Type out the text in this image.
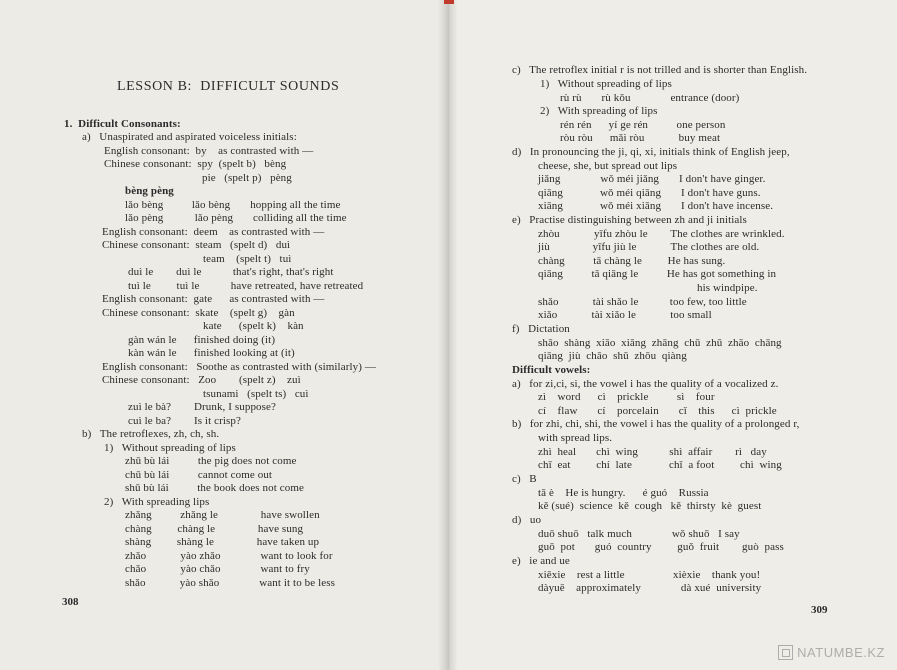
LESSON B:  DIFFICULT SOUNDS
1.  Difficult Consonants:
a)   Unaspirated and aspirated voiceless initials:
English consonant:  by    as contrasted with —
Chinese consonant:  spy  (spelt b)   bèng
pie   (spelt p)   pèng
bèng pèng
lǎo bèng          lǎo bèng       hopping all the time
lǎo pèng           lǎo pèng       colliding all the time
English consonant:  deem    as contrasted with —
Chinese consonant:  steam   (spelt d)   duì
team    (spelt t)   tuì
duì le        duì le           that's right, that's right
tuì le         tuì le           have retreated, have retreated
English consonant:  gate      as contrasted with —
Chinese consonant:  skate    (spelt g)    gàn
kate      (spelt k)    kàn
gàn wán le      finished doing (it)
kàn wán le      finished looking at (it)
English consonant:   Soothe as contrasted with (similarly) —
Chinese consonant:   Zoo        (spelt z)    zuì
tsunami   (spelt ts)   cuì
zuì le bà?        Drunk, I suppose?
cuì le ba?        Is it crisp?
b)   The retroflexes, zh, ch, sh.
1)   Without spreading of lips
zhū bù lái          the pig does not come
chū bù lái          cannot come out
shū bù lái          the book does not come
2)   With spreading lips
zhǎng          zhǎng le               have swollen
chàng         chàng le               have sung
shàng         shàng le               have taken up
zhǎo            yào zhǎo              want to look for
chǎo            yào chǎo              want to fry
shǎo            yào shǎo              want it to be less
308
c)   The retroflex initial r is not trilled and is shorter than English.
1)   Without spreading of lips
rù rù       rù kǒu              entrance (door)
2)   With spreading of lips
rén rén      yí ge rén          one person
ròu ròu      mǎi ròu            buy meat
d)   In pronouncing the ji, qi, xi, initials think of English jeep,
cheese, she, but spread out lips
jiǎng              wǒ méi jiǎng       I don't have ginger.
qiāng             wǒ méi qiāng       I don't have guns.
xiāng             wǒ méi xiāng       I don't have incense.
e)   Practise distinguishing between zh and ji initials
zhòu            yīfu zhòu le        The clothes are wrinkled.
jiù               yīfu jiù le            The clothes are old.
chàng          tā chàng le         He has sung.
qiāng          tā qiāng le          He has got something in
his windpipe.
shǎo            tài shǎo le           too few, too little
xiǎo            tài xiǎo le            too small
f)   Dictation
shāo  shàng  xiāo  xiāng  zhāng  chū  zhū  zhāo  chāng
qiāng  jiù  chāo  shū  zhōu  qiàng
Difficult vowels:
a)   for zi,ci, si, the vowel i has the quality of a vocalized z.
zì    word      cì    prickle          sì    four
cí    flaw       cí    porcelain       cǐ    this      cì  prickle
b)   for zhi, chi, shi, the vowel i has the quality of a prolonged r,
with spread lips.
zhì  heal       chì  wing           shì  affair        rì   day
chī  eat         chí  late             chǐ  a foot         chì  wing
c)   B
tā è    He is hungry.      é guó    Russia
kě (sué)  science  kě  cough   kě  thirsty  kè  guest
d)   uo
duō shuō   talk much              wǒ shuō   I say
guō  pot       guó  country         guǒ  fruit        guò  pass
e)   ie and ue
xiēxie    rest a little                 xièxie    thank you!
dàyuē    approximately              dà xué  university
309
NATUMBE.KZ
